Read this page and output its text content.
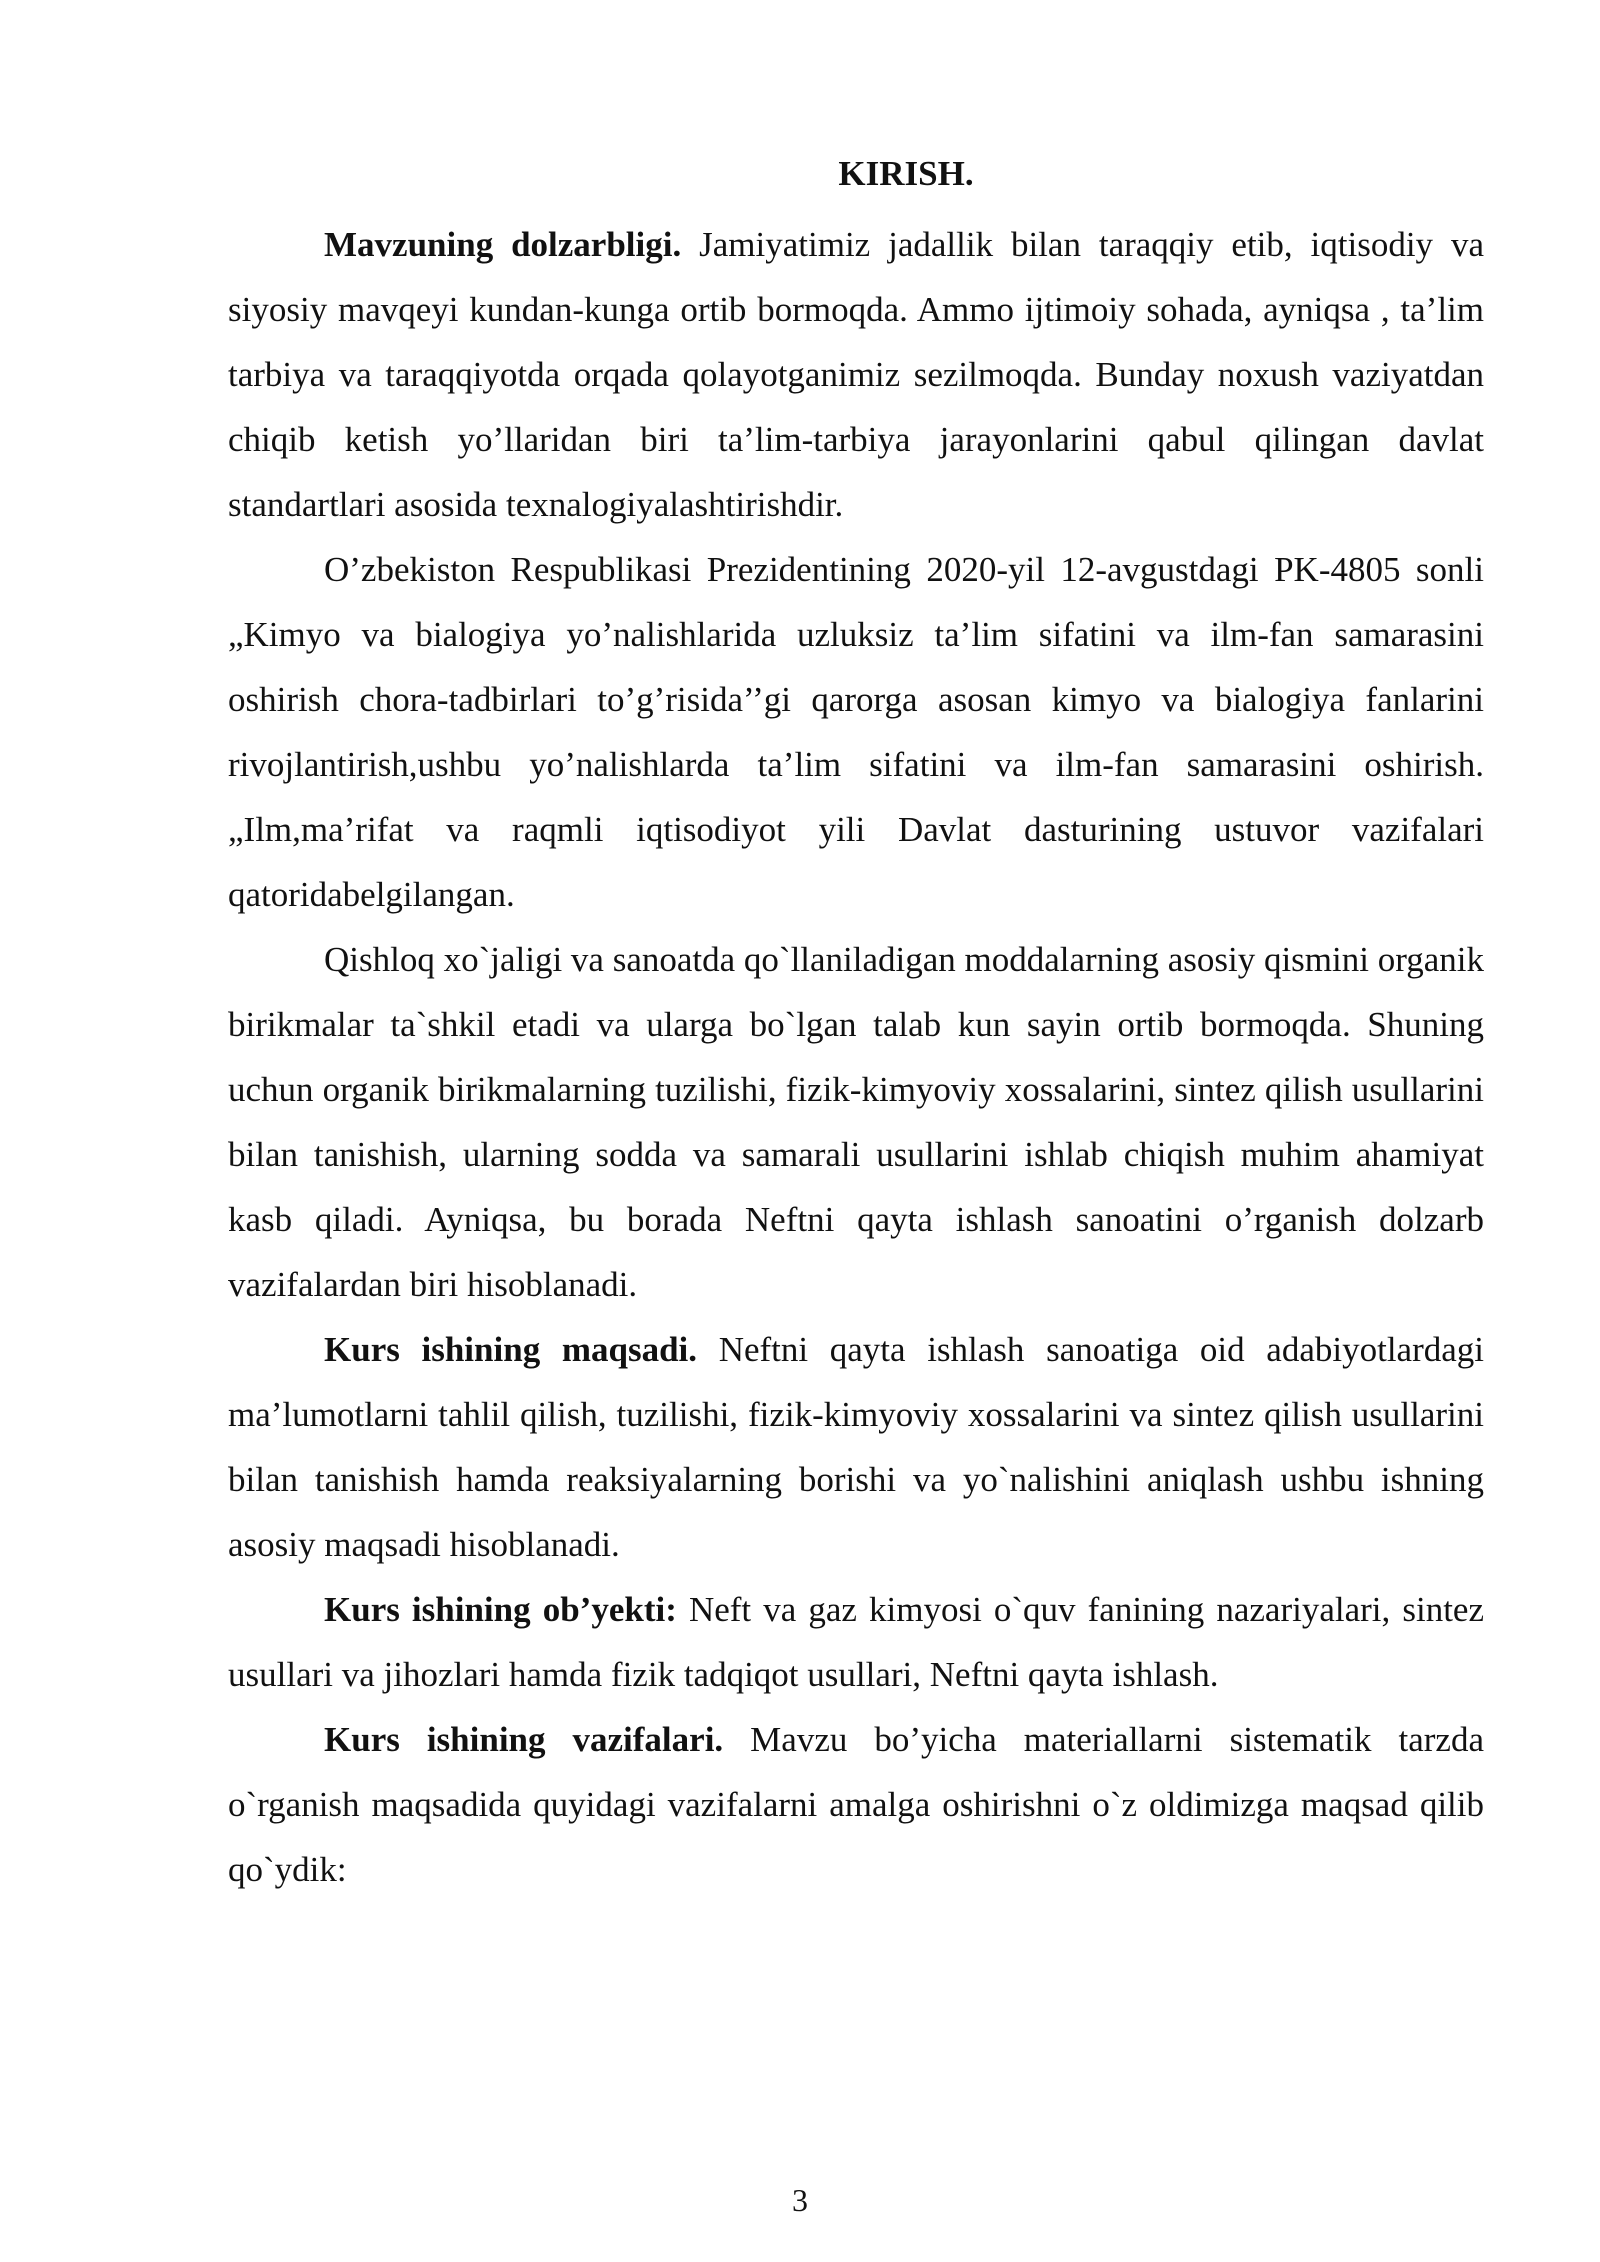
KIRISH.

Mavzuning dolzarbligi. Jamiyatimiz jadallik bilan taraqqiy etib, iqtisodiy va siyosiy mavqeyi kundan-kunga ortib bormoqda. Ammo ijtimoiy sohada, ayniqsa , ta’lim tarbiya va taraqqiyotda orqada qolayotganimiz sezilmoqda. Bunday noxush vaziyatdan chiqib ketish yo’llaridan biri ta’lim-tarbiya jarayonlarini qabul qilingan davlat standartlari asosida texnalogiyalashtirishdir.

O’zbekiston Respublikasi Prezidentining 2020-yil 12-avgustdagi PK-4805 sonli „Kimyo va bialogiya yo’nalishlarida uzluksiz ta’lim sifatini va ilm-fan samarasini oshirish chora-tadbirlari to’g’risida’’gi qarorga asosan kimyo va bialogiya fanlarini rivojlantirish,ushbu yo’nalishlarda ta’lim sifatini va ilm-fan samarasini oshirish. „Ilm,ma’rifat va raqmli iqtisodiyot yili Davlat dasturining ustuvor vazifalari qatoridabelgilangan.

Qishloq xo`jaligi va sanoatda qo`llaniladigan moddalarning asosiy qismini organik birikmalar ta`shkil etadi va ularga bo`lgan talab kun sayin ortib bormoqda. Shuning uchun organik birikmalarning tuzilishi, fizik-kimyoviy xossalarini, sintez qilish usullarini bilan tanishish, ularning sodda va samarali usullarini ishlab chiqish muhim ahamiyat kasb qiladi. Ayniqsa, bu borada Neftni qayta ishlash sanoatini o’rganish dolzarb vazifalardan biri hisoblanadi.

Kurs ishining maqsadi. Neftni qayta ishlash sanoatiga oid adabiyotlardagi ma’lumotlarni tahlil qilish, tuzilishi, fizik-kimyoviy xossalarini va sintez qilish usullarini bilan tanishish hamda reaksiyalarning borishi va yo`nalishini aniqlash ushbu ishning asosiy maqsadi hisoblanadi.

Kurs ishining ob’yekti: Neft va gaz kimyosi o`quv fanining nazariyalari, sintez usullari va jihozlari hamda fizik tadqiqot usullari, Neftni qayta ishlash.

Kurs ishining vazifalari. Mavzu bo’yicha materiallarni sistematik tarzda o`rganish maqsadida quyidagi vazifalarni amalga oshirishni o`z oldimizga maqsad qilib qo`ydik:

3
